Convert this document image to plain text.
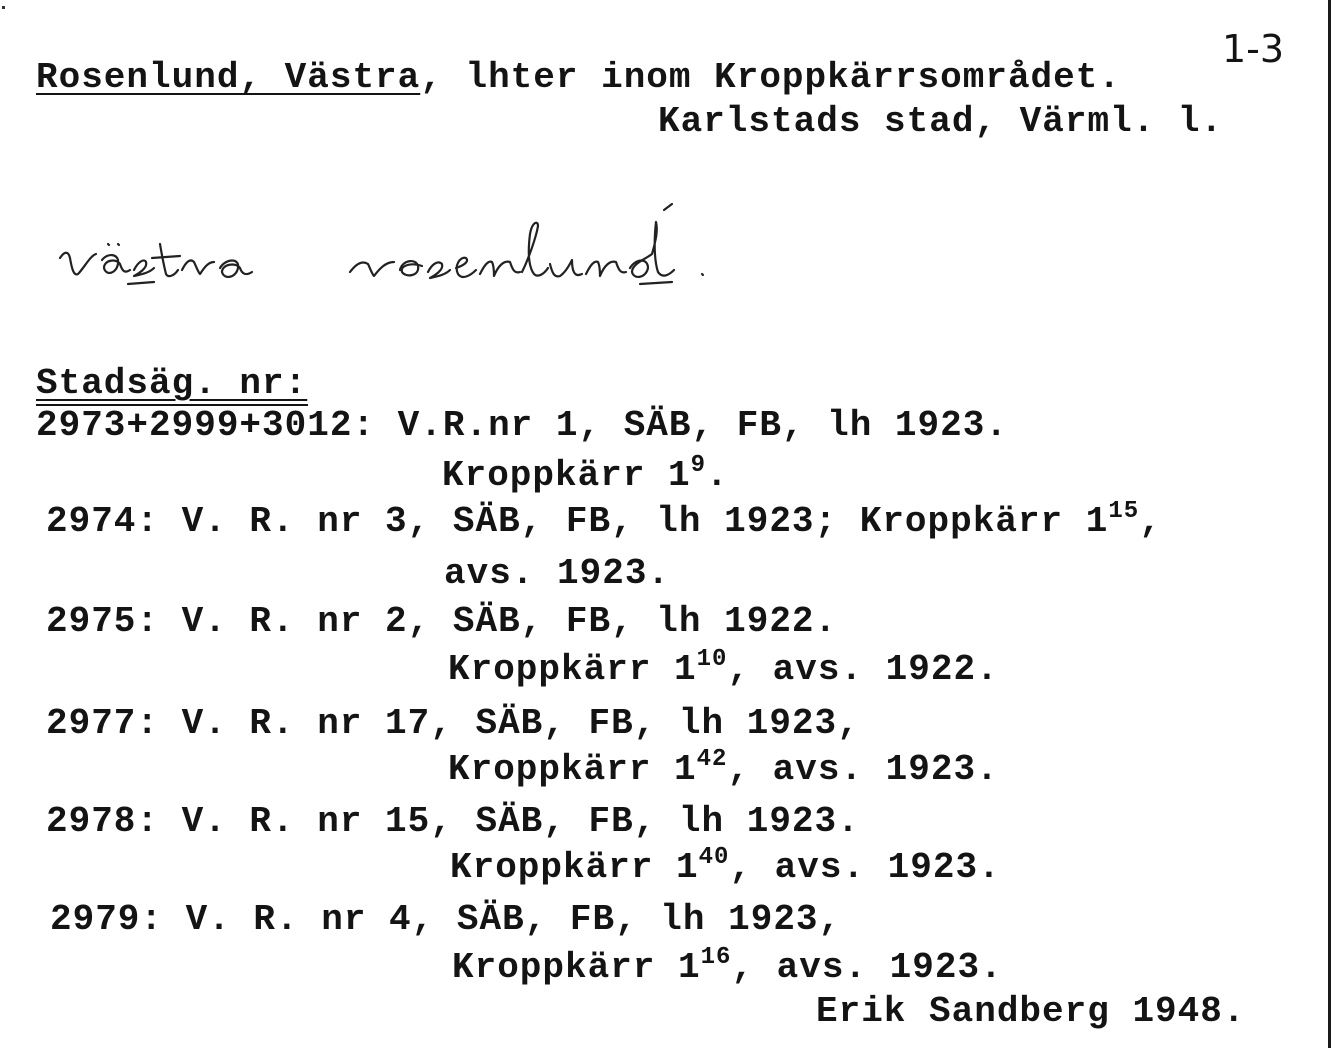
Rosenlund, Västra, lhter inom Kroppkärrsområdet.
1-3
Karlstads stad, Värml. l.
Stadsäg. nr:
2973+2999+3012: V.R.nr 1, SÄB, FB, lh 1923.
Kroppkärr $1^9$.
2974: V. R. nr 3, SÄB, FB, lh 1923; Kroppkärr $1^{15}$,
avs. 1923.
2975: V. R. nr 2, SÄB, FB, lh 1922.
Kroppkärr $1^{10}$, avs. 1922.
2977: V. R. nr 17, SÄB, FB, lh 1923,
Kroppkärr $1^{42}$, avs. 1923.
2978: V. R. nr 15, SÄB, FB, lh 1923.
Kroppkärr $1^{40}$, avs. 1923.
2979: V. R. nr 4, SÄB, FB, lh 1923,
Kroppkärr $1^{16}$, avs. 1923.
Erik Sandberg 1948.
